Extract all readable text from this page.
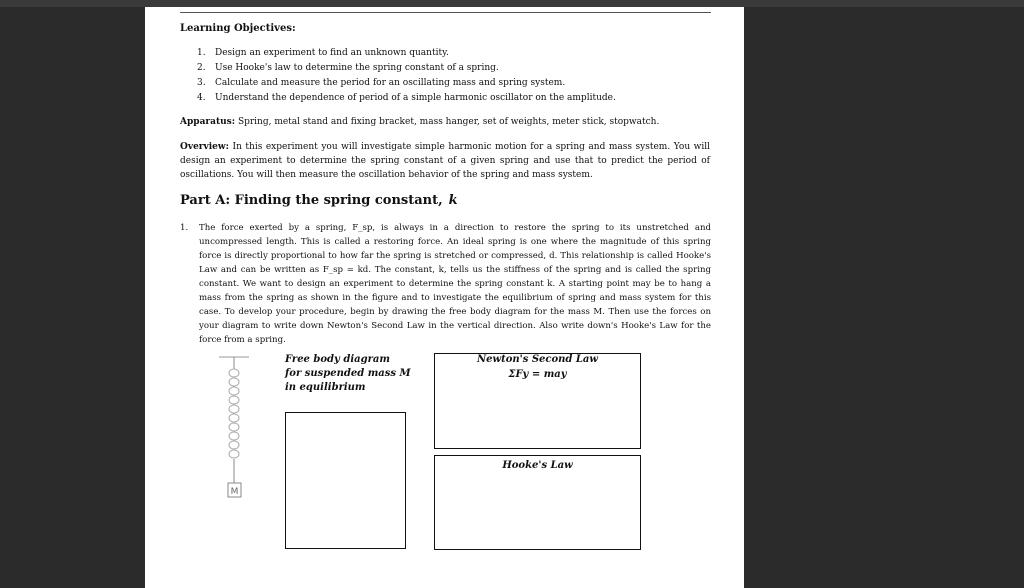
Learning Objectives:
1. Design an experiment to find an unknown quantity.
2. Use Hooke's law to determine the spring constant of a spring.
3. Calculate and measure the period for an oscillating mass and spring system.
4. Understand the dependence of period of a simple harmonic oscillator on the amplitude.
Apparatus: Spring, metal stand and fixing bracket, mass hanger, set of weights, meter stick, stopwatch.
Overview: In this experiment you will investigate simple harmonic motion for a spring and mass system. You will design an experiment to determine the spring constant of a given spring and use that to predict the period of oscillations. You will then measure the oscillation behavior of the spring and mass system.
Part A: Finding the spring constant, k
1. The force exerted by a spring, F_sp, is always in a direction to restore the spring to its unstretched and uncompressed length. This is called a restoring force. An ideal spring is one where the magnitude of this spring force is directly proportional to how far the spring is stretched or compressed, d. This relationship is called Hooke's Law and can be written as F_sp = kd. The constant, k, tells us the stiffness of the spring and is called the spring constant. We want to design an experiment to determine the spring constant k. A starting point may be to hang a mass from the spring as shown in the figure and to investigate the equilibrium of spring and mass system for this case. To develop your procedure, begin by drawing the free body diagram for the mass M. Then use the forces on your diagram to write down Newton's Second Law in the vertical direction. Also write down's Hooke's Law for the force from a spring.
M
Free body diagram
for suspended mass M
in equilibrium
Newton's Second Law
ΣFy = may
Hooke's Law
